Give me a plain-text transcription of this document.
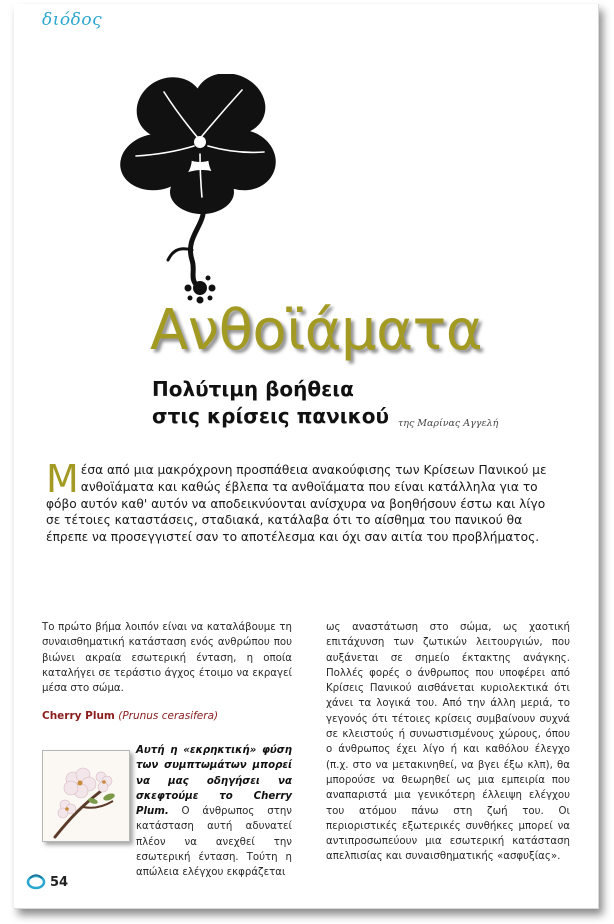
διόδος
Ανθοϊάματα
Πολύτιμη βοήθεια
στις κρίσεις πανικού της Μαρίνας Αγγελή
Μέσα από μια μακρόχρονη προσπάθεια ανακούφισης των Κρίσεων Πανικού με ανθοϊάματα και καθώς έβλεπα τα ανθοϊάματα που είναι κατάλληλα για το φόβο αυτόν καθ' αυτόν να αποδεικνύονται ανίσχυρα να βοηθήσουν έστω και λίγο σε τέτοιες καταστάσεις, σταδιακά, κατάλαβα ότι το αίσθημα του πανικού θα έπρεπε να προσεγγιστεί σαν το αποτέλεσμα και όχι σαν αιτία του προβλήματος.
Το πρώτο βήμα λοιπόν είναι να καταλάβουμε τη συναισθηματική κατάσταση ενός ανθρώπου που βιώνει ακραία εσωτερική ένταση, η οποία καταλήγει σε τεράστιο άγχος έτοιμο να εκραγεί μέσα στο σώμα.
Cherry Plum (Prunus cerasifera)
Αυτή η «εκρηκτική» φύση των συμπτωμάτων μπορεί να μας οδηγήσει να σκεφτούμε το Cherry Plum. Ο άνθρωπος στην κατάσταση αυτή αδυνατεί πλέον να ανεχθεί την εσωτερική ένταση. Τούτη η απώλεια ελέγχου εκφράζεται
ως αναστάτωση στο σώμα, ως χαοτική επιτάχυνση των ζωτικών λειτουργιών, που αυξάνεται σε σημείο έκτακτης ανάγκης. Πολλές φορές ο άνθρωπος που υποφέρει από Κρίσεις Πανικού αισθάνεται κυριολεκτικά ότι χάνει τα λογικά του. Από την άλλη μεριά, το γεγονός ότι τέτοιες κρίσεις συμβαίνουν συχνά σε κλειστούς ή συνωστισμένους χώρους, όπου ο άνθρωπος έχει λίγο ή και καθόλου έλεγχο (π.χ. στο να μετακινηθεί, να βγει έξω κλπ), θα μπορούσε να θεωρηθεί ως μια εμπειρία που αναπαριστά μια γενικότερη έλλειψη ελέγχου του ατόμου πάνω στη ζωή του. Οι περιοριστικές εξωτερικές συνθήκες μπορεί να αντιπροσωπεύουν μια εσωτερική κατάσταση απελπισίας και συναισθηματικής «ασφυξίας».
54
